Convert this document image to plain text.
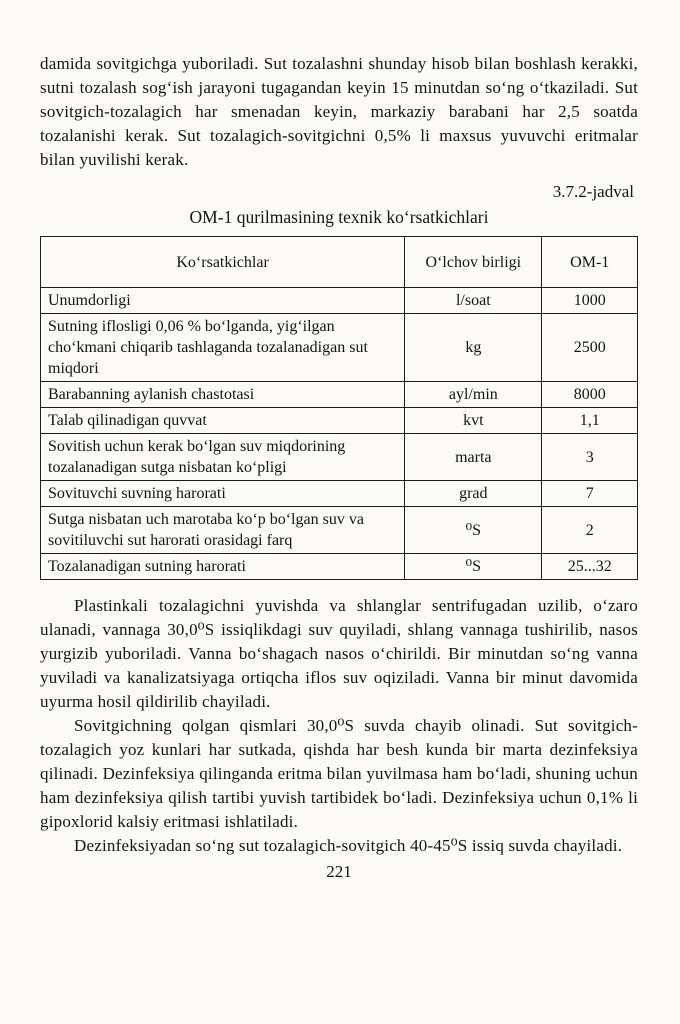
damida sovitgichga yuboriladi. Sut tozalashni shunday hisob bilan boshlash kerakki, sutni tozalash sog‘ish jarayoni tugagandan keyin 15 minutdan so‘ng o‘tkaziladi. Sut sovitgich-tozalagich har smenadan keyin, markaziy barabani har 2,5 soatda tozalanishi kerak. Sut tozalagich-sovitgichni 0,5% li maxsus yuvuvchi eritmalar bilan yuvilishi kerak.

3.7.2-jadval
OM-1 qurilmasining texnik ko‘rsatkichlari
Ko‘rsatkichlar	O‘lchov birligi	OM-1
Unumdorligi	l/soat	1000
Sutning iflosligi 0,06 % bo‘lganda, yig‘ilgan cho‘kmani chiqarib tashlaganda tozalanadigan sut miqdori	kg	2500
Barabanning aylanish chastotasi	ayl/min	8000
Talab qilinadigan quvvat	kvt	1,1
Sovitish uchun kerak bo‘lgan suv miqdorining tozalanadigan sutga nisbatan ko‘pligi	marta	3
Sovituvchi suvning harorati	grad	7
Sutga nisbatan uch marotaba ko‘p bo‘lgan suv va sovitiluvchi sut harorati orasidagi farq	⁰S	2
Tozalanadigan sutning harorati	⁰S	25...32

Plastinkali tozalagichni yuvishda va shlanglar sentrifugadan uzilib, o‘zaro ulanadi, vannaga 30,0⁰S issiqlikdagi suv quyiladi, shlang vannaga tushirilib, nasos yurgizib yuboriladi. Vanna bo‘shagach nasos o‘chirildi. Bir minutdan so‘ng vanna yuviladi va kanalizatsiyaga ortiqcha iflos suv oqiziladi. Vanna bir minut davomida uyurma hosil qildirilib chayiladi.

Sovitgichning qolgan qismlari 30,0⁰S suvda chayib olinadi. Sut sovitgich-tozalagich yoz kunlari har sutkada, qishda har besh kunda bir marta dezinfeksiya qilinadi. Dezinfeksiya qilinganda eritma bilan yuvilmasa ham bo‘ladi, shuning uchun ham dezinfeksiya qilish tartibi yuvish tartibidek bo‘ladi. Dezinfeksiya uchun 0,1% li gipoxlorid kalsiy eritmasi ishlatiladi.

Dezinfeksiyadan so‘ng sut tozalagich-sovitgich 40-45⁰S issiq suvda chayiladi.

221
